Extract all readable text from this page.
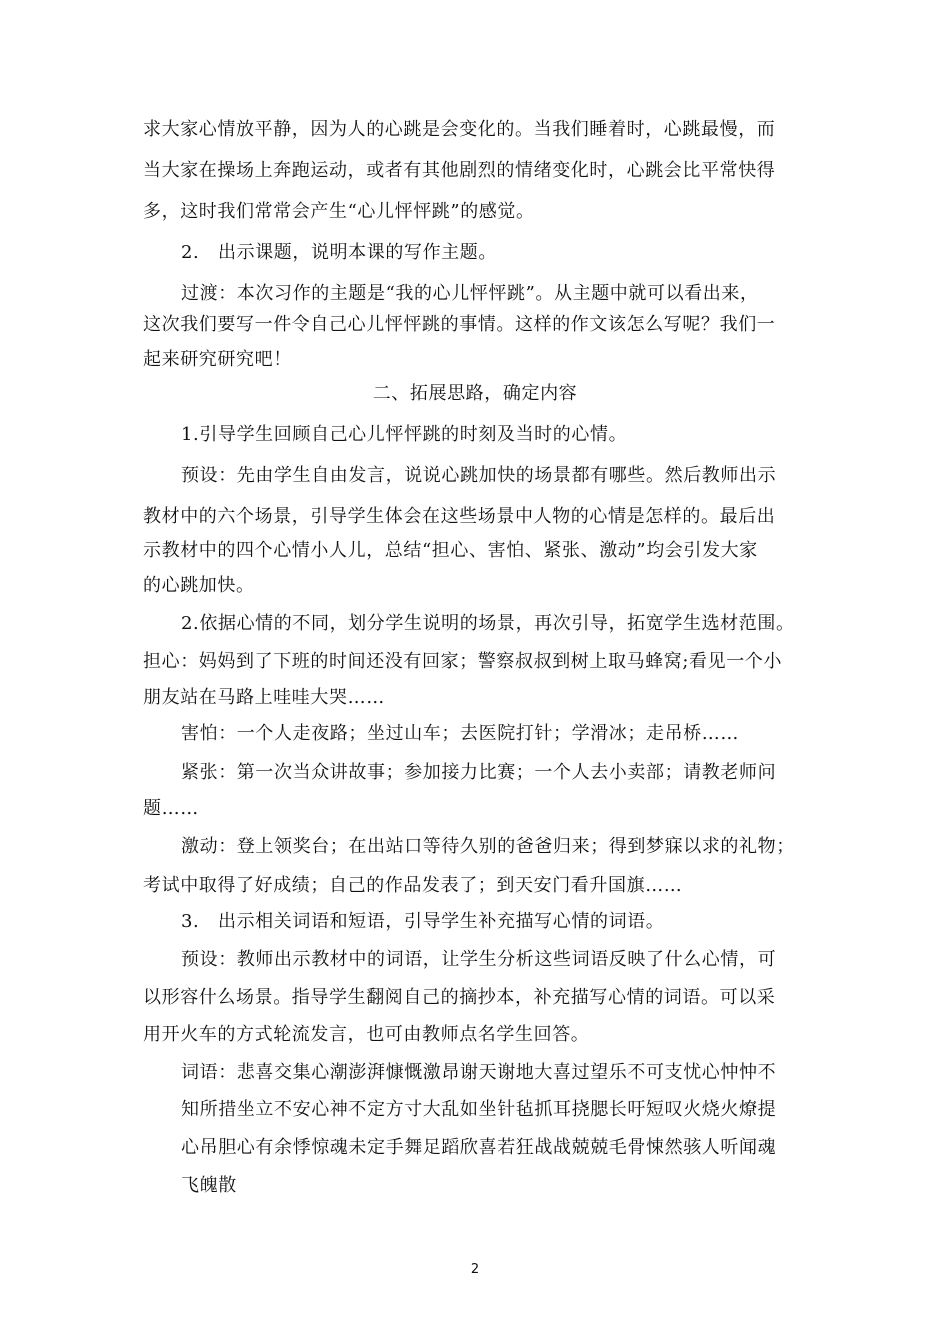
求大家心情放平静，因为人的心跳是会变化的。当我们睡着时，心跳最慢，而
当大家在操场上奔跑运动，或者有其他剧烈的情绪变化时，心跳会比平常快得
多，这时我们常常会产生“心儿怦怦跳”的感觉。
2.　出示课题，说明本课的写作主题。
过渡：本次习作的主题是“我的心儿怦怦跳”。从主题中就可以看出来，
这次我们要写一件令自己心儿怦怦跳的事情。这样的作文该怎么写呢？我们一
起来研究研究吧！
二、拓展思路，确定内容
1.引导学生回顾自己心儿怦怦跳的时刻及当时的心情。
预设：先由学生自由发言，说说心跳加快的场景都有哪些。然后教师出示
教材中的六个场景，引导学生体会在这些场景中人物的心情是怎样的。最后出
示教材中的四个心情小人儿，总结“担心、害怕、紧张、激动”均会引发大家
的心跳加快。
2.依据心情的不同，划分学生说明的场景，再次引导，拓宽学生选材范围。
担心：妈妈到了下班的时间还没有回家；警察叔叔到树上取马蜂窝;看见一个小
朋友站在马路上哇哇大哭……
害怕：一个人走夜路；坐过山车；去医院打针；学滑冰；走吊桥……
紧张：第一次当众讲故事；参加接力比赛；一个人去小卖部；请教老师问
题……
激动：登上领奖台；在出站口等待久别的爸爸归来；得到梦寐以求的礼物；
考试中取得了好成绩；自己的作品发表了；到天安门看升国旗……
3.　出示相关词语和短语，引导学生补充描写心情的词语。
预设：教师出示教材中的词语，让学生分析这些词语反映了什么心情，可
以形容什么场景。指导学生翻阅自己的摘抄本，补充描写心情的词语。可以采
用开火车的方式轮流发言，也可由教师点名学生回答。
词语：悲喜交集心潮澎湃慷慨激昂谢天谢地大喜过望乐不可支忧心忡忡不
知所措坐立不安心神不定方寸大乱如坐针毡抓耳挠腮长吁短叹火烧火燎提
心吊胆心有余悸惊魂未定手舞足蹈欣喜若狂战战兢兢毛骨悚然骇人听闻魂
飞魄散
2
